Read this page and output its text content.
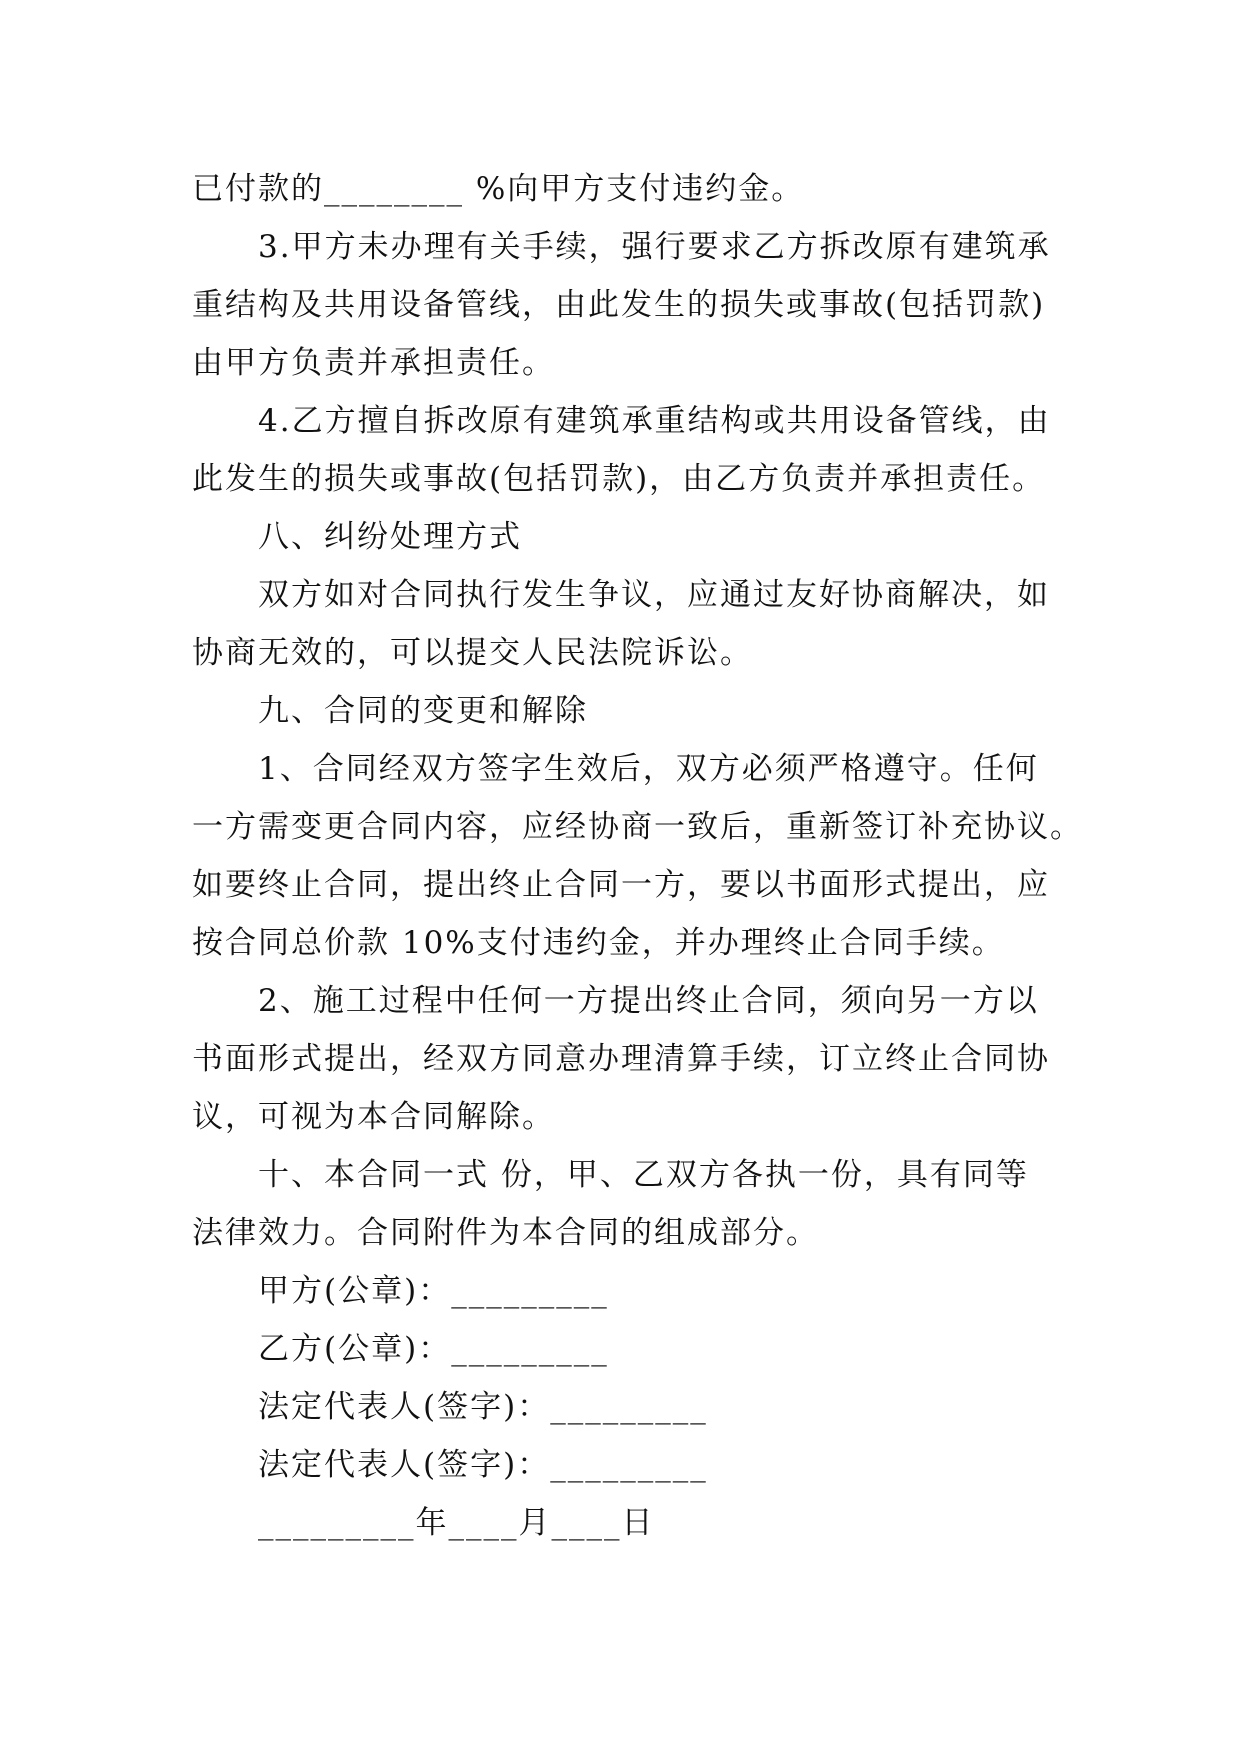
已付款的________ %向甲方支付违约金。
3.甲方未办理有关手续，强行要求乙方拆改原有建筑承
重结构及共用设备管线，由此发生的损失或事故(包括罚款)
由甲方负责并承担责任。
4.乙方擅自拆改原有建筑承重结构或共用设备管线，由
此发生的损失或事故(包括罚款)，由乙方负责并承担责任。
八、纠纷处理方式
双方如对合同执行发生争议，应通过友好协商解决，如
协商无效的，可以提交人民法院诉讼。
九、合同的变更和解除
1、合同经双方签字生效后，双方必须严格遵守。任何
一方需变更合同内容，应经协商一致后，重新签订补充协议。
如要终止合同，提出终止合同一方，要以书面形式提出，应
按合同总价款 10%支付违约金，并办理终止合同手续。
2、施工过程中任何一方提出终止合同，须向另一方以
书面形式提出，经双方同意办理清算手续，订立终止合同协
议，可视为本合同解除。
十、本合同一式 份，甲、乙双方各执一份，具有同等
法律效力。合同附件为本合同的组成部分。
甲方(公章)：_________
乙方(公章)：_________
法定代表人(签字)：_________
法定代表人(签字)：_________
_________年____月____日
